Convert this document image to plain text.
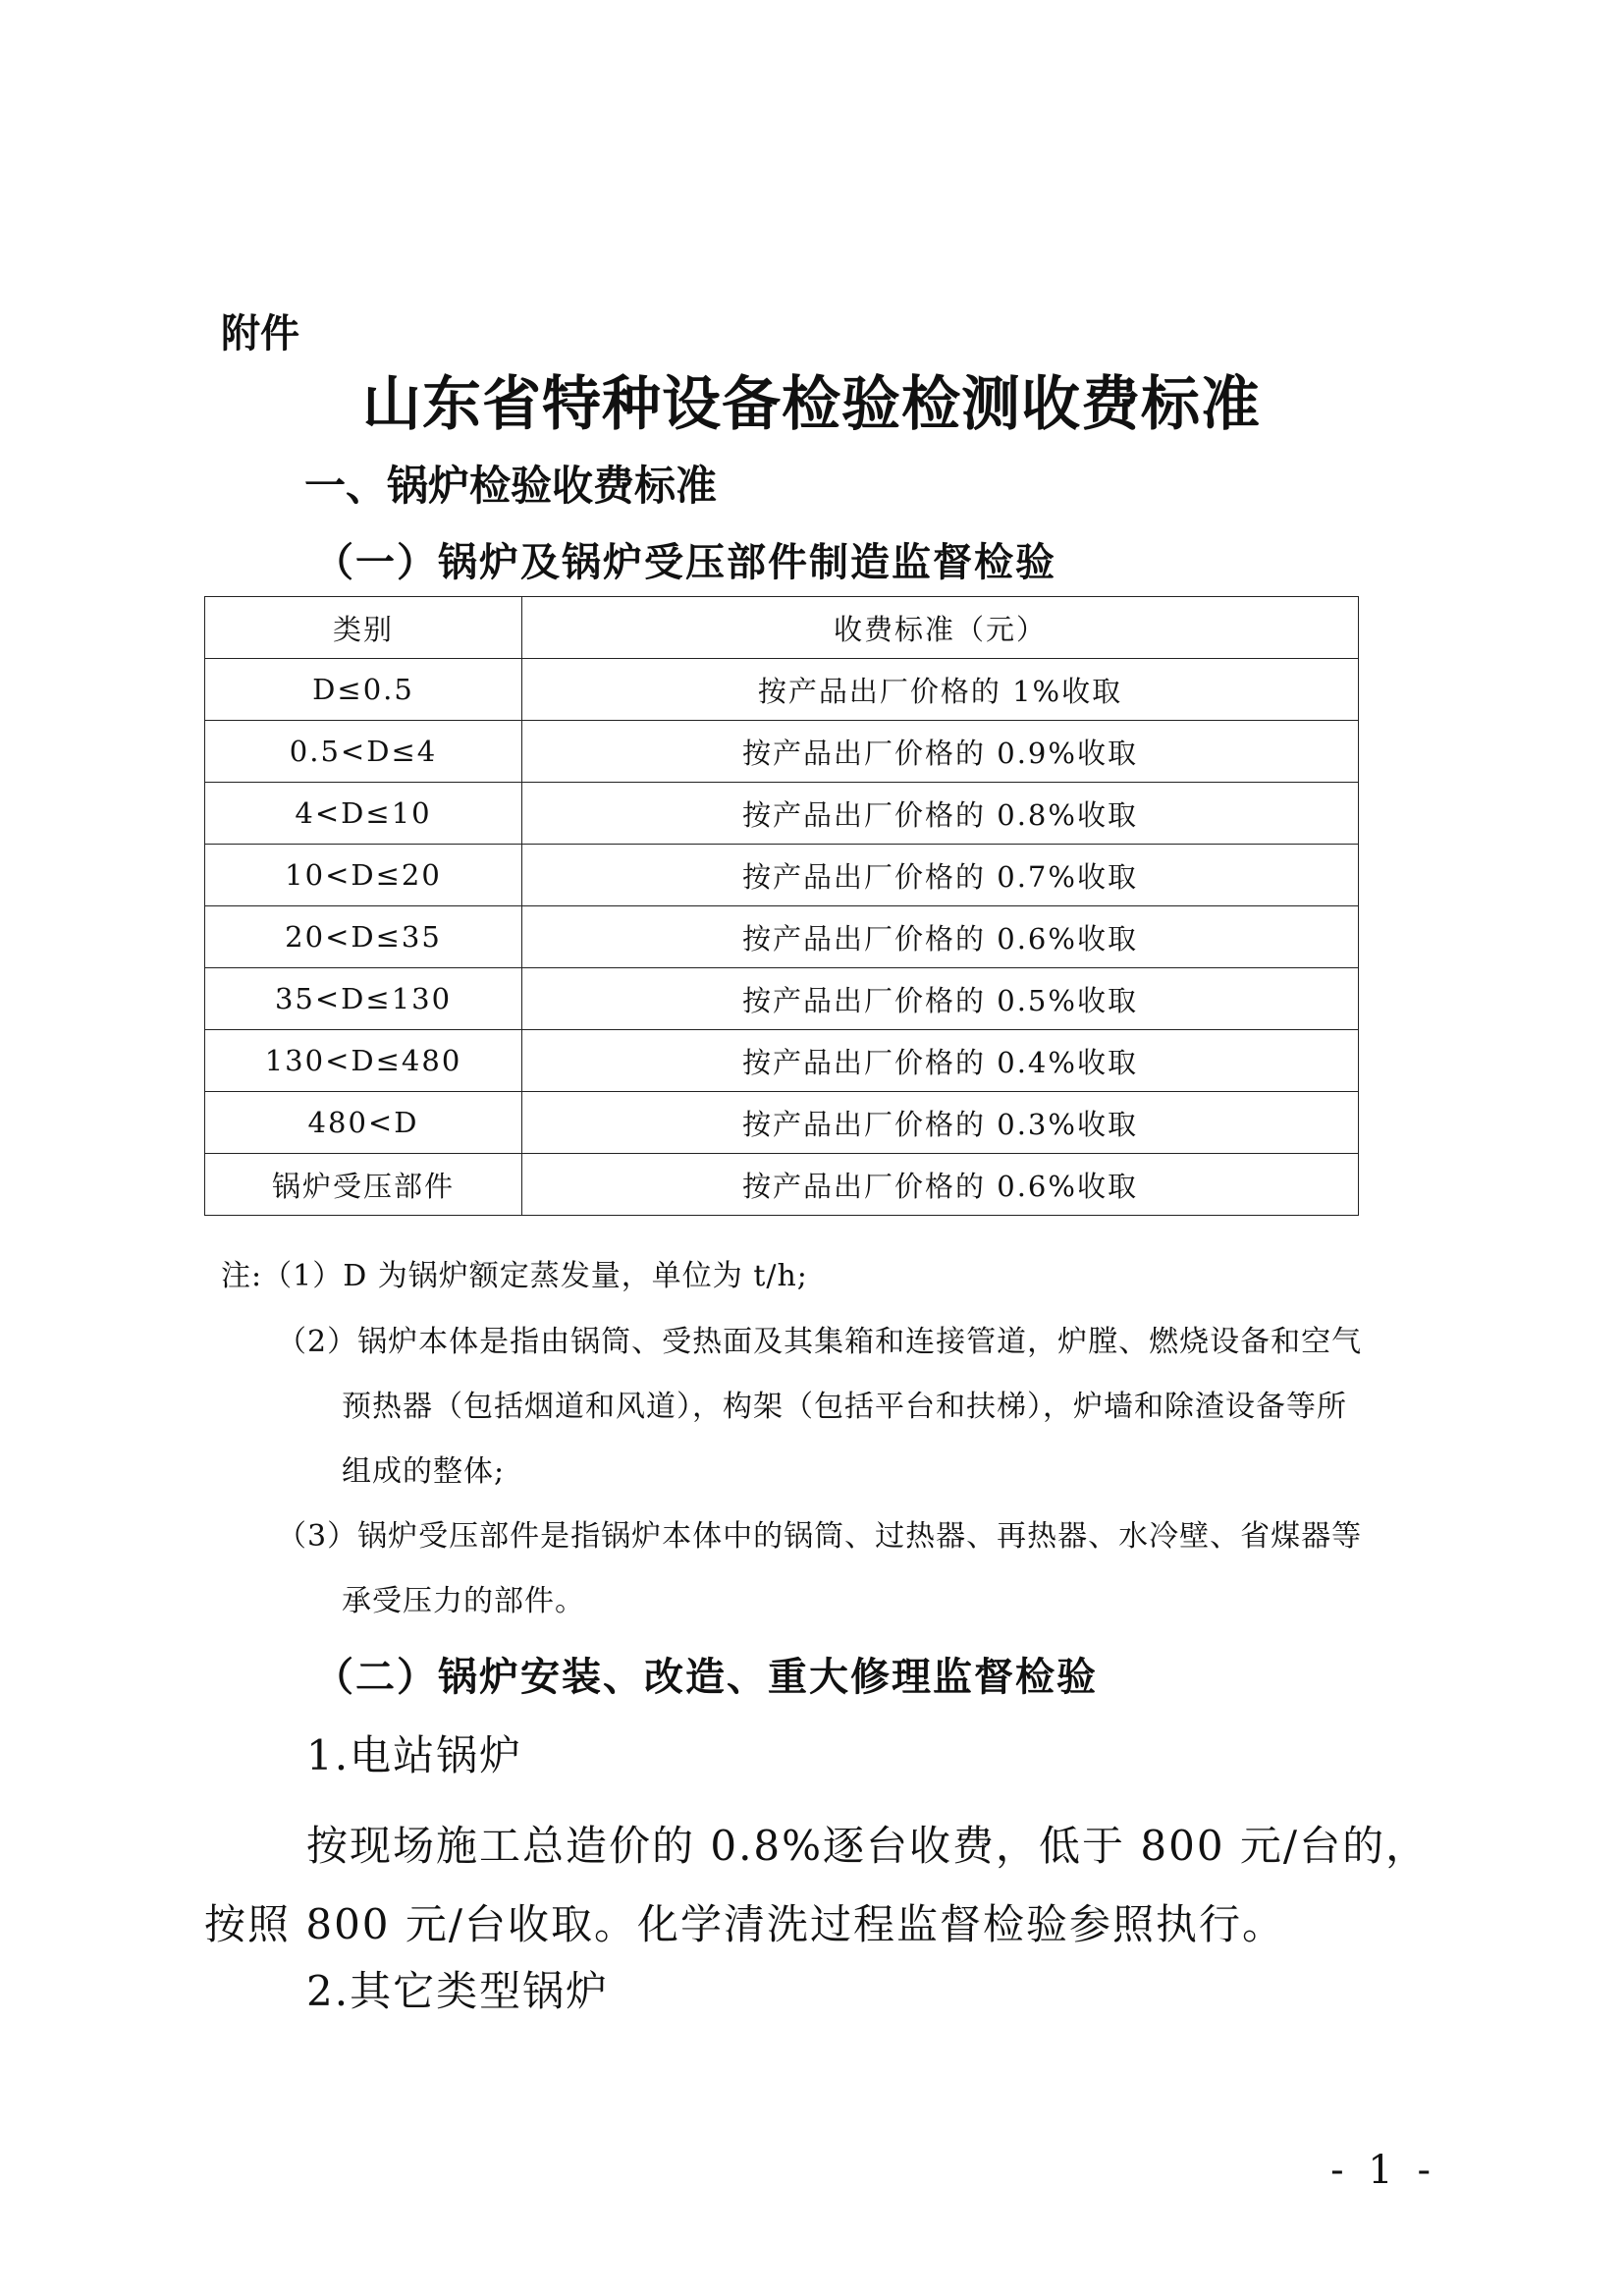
附件

山东省特种设备检验检测收费标准
一、锅炉检验收费标准
（一）锅炉及锅炉受压部件制造监督检验
类别	收费标准（元）
D≤0.5	按产品出厂价格的 1%收取
0.5<D≤4	按产品出厂价格的 0.9%收取
4<D≤10	按产品出厂价格的 0.8%收取
10<D≤20	按产品出厂价格的 0.7%收取
20<D≤35	按产品出厂价格的 0.6%收取
35<D≤130	按产品出厂价格的 0.5%收取
130<D≤480	按产品出厂价格的 0.4%收取
480<D	按产品出厂价格的 0.3%收取
锅炉受压部件	按产品出厂价格的 0.6%收取

注:（1）D 为锅炉额定蒸发量，单位为 t/h;

（2）锅炉本体是指由锅筒、受热面及其集箱和连接管道，炉膛、燃烧设备和空气
预热器（包括烟道和风道），构架（包括平台和扶梯），炉墙和除渣设备等所
组成的整体;

（3）锅炉受压部件是指锅炉本体中的锅筒、过热器、再热器、水冷壁、省煤器等
承受压力的部件。

（二）锅炉安装、改造、重大修理监督检验

1.电站锅炉

按现场施工总造价的 0.8%逐台收费，低于 800 元/台的，按照 800 元/台收取。化学清洗过程监督检验参照执行。

2.其它类型锅炉

- 1 -
